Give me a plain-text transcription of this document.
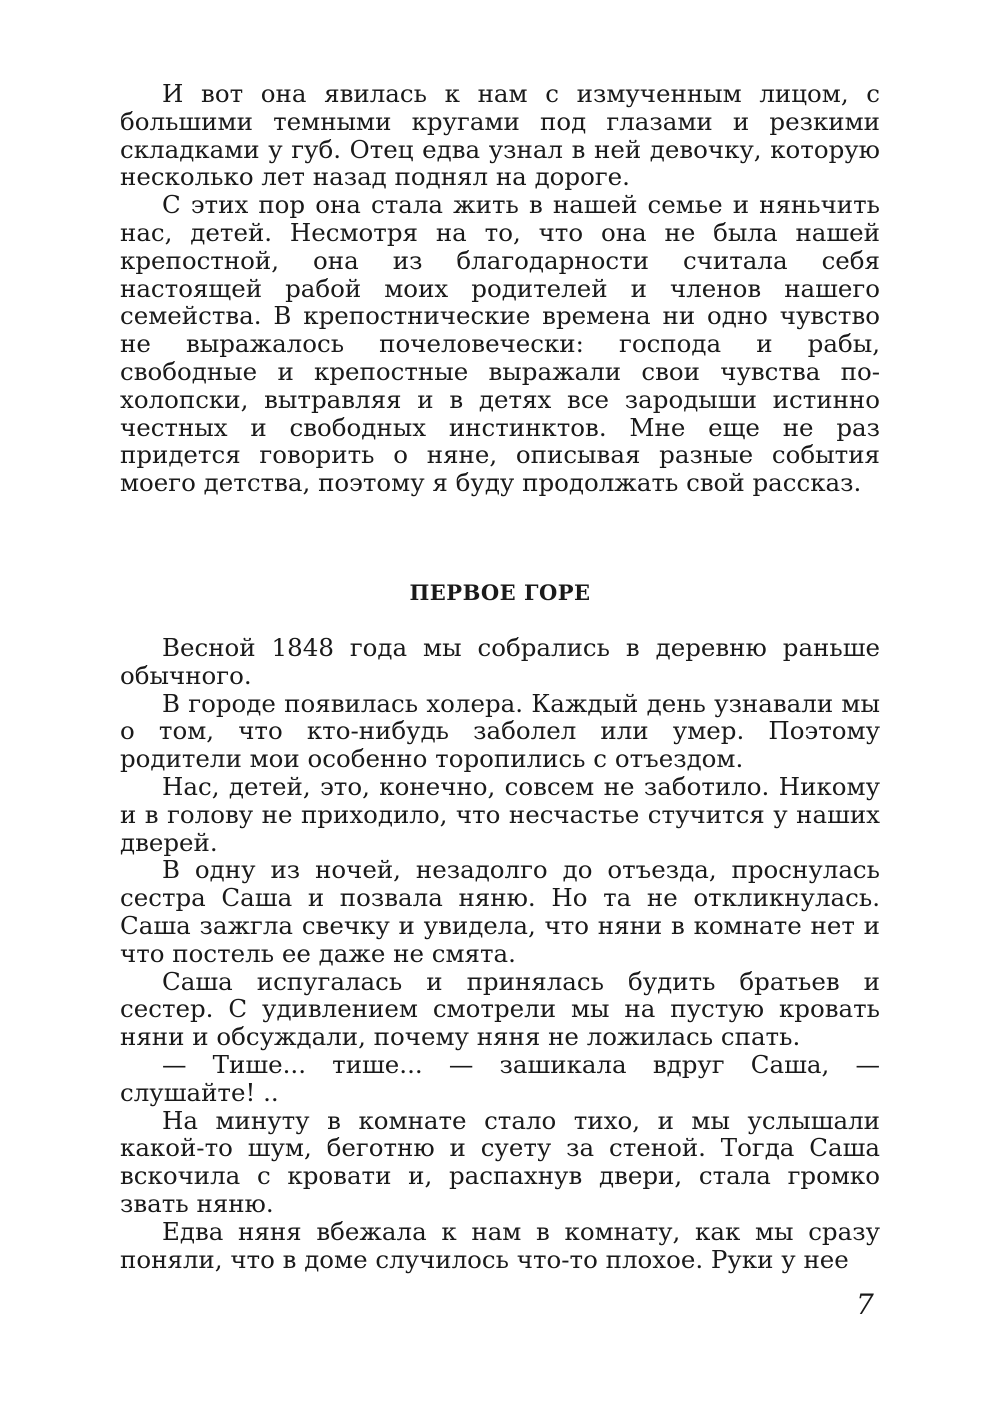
И вот она явилась к нам с измученным лицом, с большими темными кругами под глазами и резкими складками у губ. Отец едва узнал в ней девочку, которую несколько лет назад поднял на дороге.

С этих пор она стала жить в нашей семье и няньчить нас, детей. Несмотря на то, что она не была нашей крепостной, она из благодарности считала себя настоящей рабой моих родителей и членов нашего семейства. В крепостнические времена ни одно чувство не выражалось почеловечески: господа и рабы, свободные и крепостные выражали свои чувства по-холопски, вытравляя и в детях все зародыши истинно честных и свободных инстинктов. Мне еще не раз придется говорить о няне, описывая разные события моего детства, поэтому я буду продолжать свой рассказ.

ПЕРВОЕ ГОРЕ

Весной 1848 года мы собрались в деревню раньше обычного.

В городе появилась холера. Каждый день узнавали мы о том, что кто-нибудь заболел или умер. Поэтому родители мои особенно торопились с отъездом.

Нас, детей, это, конечно, совсем не заботило. Никому и в голову не приходило, что несчастье стучится у наших дверей.

В одну из ночей, незадолго до отъезда, проснулась сестра Саша и позвала няню. Но та не откликнулась. Саша зажгла свечку и увидела, что няни в комнате нет и что постель ее даже не смята.

Саша испугалась и принялась будить братьев и сестер. С удивлением смотрели мы на пустую кровать няни и обсуждали, почему няня не ложилась спать.

— Тише... тише... — зашикала вдруг Саша, — слушайте! ..

На минуту в комнате стало тихо, и мы услышали какой-то шум, беготню и суету за стеной. Тогда Саша вскочила с кровати и, распахнув двери, стала громко звать няню.

Едва няня вбежала к нам в комнату, как мы сразу поняли, что в доме случилось что-то плохое. Руки у нее

7
